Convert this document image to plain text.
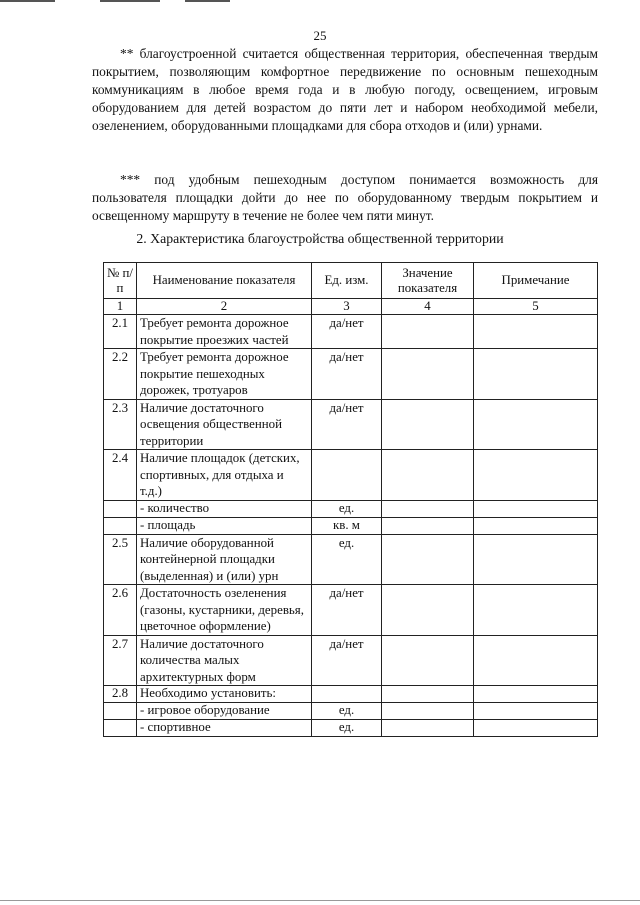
25

** благоустроенной считается общественная территория, обеспеченная твердым покрытием, позволяющим комфортное передвижение по основным пешеходным коммуникациям в любое время года и в любую погоду, освещением, игровым оборудованием для детей возрастом до пяти лет и набором необходимой мебели, озеленением, оборудованными площадками для сбора отходов и (или) урнами.

*** под удобным пешеходным доступом понимается возможность для пользователя площадки дойти до нее по оборудованному твердым покрытием и освещенному маршруту в течение не более чем пяти минут.

2. Характеристика благоустройства общественной территории
№ п/п	Наименование показателя	Ед. изм.	Значение показателя	Примечание
1	2	3	4	5
2.1	Требует ремонта дорожное покрытие проезжих частей	да/нет		
2.2	Требует ремонта дорожное покрытие пешеходных дорожек, тротуаров	да/нет		
2.3	Наличие достаточного освещения общественной территории	да/нет		
2.4	Наличие площадок (детских, спортивных, для отдыха и т.д.)			
	- количество	ед.		
	- площадь	кв. м		
2.5	Наличие оборудованной контейнерной площадки (выделенная) и (или) урн	ед.		
2.6	Достаточность озеленения (газоны, кустарники, деревья, цветочное оформление)	да/нет		
2.7	Наличие достаточного количества малых архитектурных форм	да/нет		
2.8	Необходимо установить:			
	- игровое оборудование	ед.		
	- спортивное	ед.		
